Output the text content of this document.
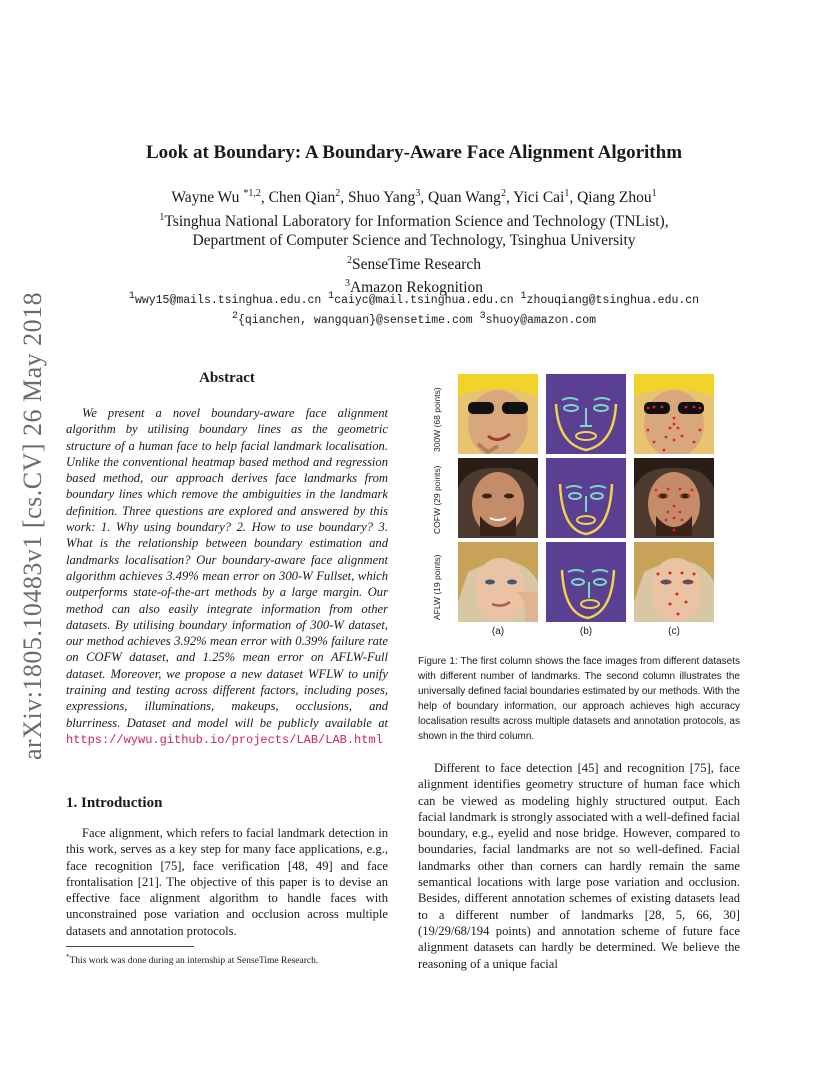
arXiv:1805.10483v1 [cs.CV] 26 May 2018
Look at Boundary: A Boundary-Aware Face Alignment Algorithm
Wayne Wu $^{*1,2}$, Chen Qian$^2$, Shuo Yang$^3$, Quan Wang$^2$, Yici Cai$^1$, Qiang Zhou$^1$
$^1$Tsinghua National Laboratory for Information Science and Technology (TNList),
Department of Computer Science and Technology, Tsinghua University
$^2$SenseTime Research
$^3$Amazon Rekognition
$^1$wwy15@mails.tsinghua.edu.cn $^1$caiyc@mail.tsinghua.edu.cn $^1$zhouqiang@tsinghua.edu.cn
$^2${qianchen, wangquan}@sensetime.com $^3$shuoy@amazon.com
Abstract
We present a novel boundary-aware face alignment algorithm by utilising boundary lines as the geometric structure of a human face to help facial landmark localisation. Unlike the conventional heatmap based method and regression based method, our approach derives face landmarks from boundary lines which remove the ambiguities in the landmark definition. Three questions are explored and answered by this work: 1. Why using boundary? 2. How to use boundary? 3. What is the relationship between boundary estimation and landmarks localisation? Our boundary-aware face alignment algorithm achieves 3.49% mean error on 300-W Fullset, which outperforms state-of-the-art methods by a large margin. Our method can also easily integrate information from other datasets. By utilising boundary information of 300-W dataset, our method achieves 3.92% mean error with 0.39% failure rate on COFW dataset, and 1.25% mean error on AFLW-Full dataset. Moreover, we propose a new dataset WFLW to unify training and testing across different factors, including poses, expressions, illuminations, makeups, occlusions, and blurriness. Dataset and model will be publicly available at https://wywu.github.io/projects/LAB/LAB.html
1. Introduction
Face alignment, which refers to facial landmark detection in this work, serves as a key step for many face applications, e.g., face recognition [75], face verification [48, 49] and face frontalisation [21]. The objective of this paper is to devise an effective face alignment algorithm to handle faces with unconstrained pose variation and occlusion across multiple datasets and annotation protocols.
*This work was done during an internship at SenseTime Research.
300W (68 points)
COFW (29 points)
AFLW (19 points)
(a)	(b)	(c)
Figure 1: The first column shows the face images from different datasets with different number of landmarks. The second column illustrates the universally defined facial boundaries estimated by our methods. With the help of boundary information, our approach achieves high accuracy localisation results across multiple datasets and annotation protocols, as shown in the third column.
Different to face detection [45] and recognition [75], face alignment identifies geometry structure of human face which can be viewed as modeling highly structured output. Each facial landmark is strongly associated with a well-defined facial boundary, e.g., eyelid and nose bridge. However, compared to boundaries, facial landmarks are not so well-defined. Facial landmarks other than corners can hardly remain the same semantical locations with large pose variation and occlusion. Besides, different annotation schemes of existing datasets lead to a different number of landmarks [28, 5, 66, 30] (19/29/68/194 points) and annotation scheme of future face alignment datasets can hardly be determined. We believe the reasoning of a unique facial
